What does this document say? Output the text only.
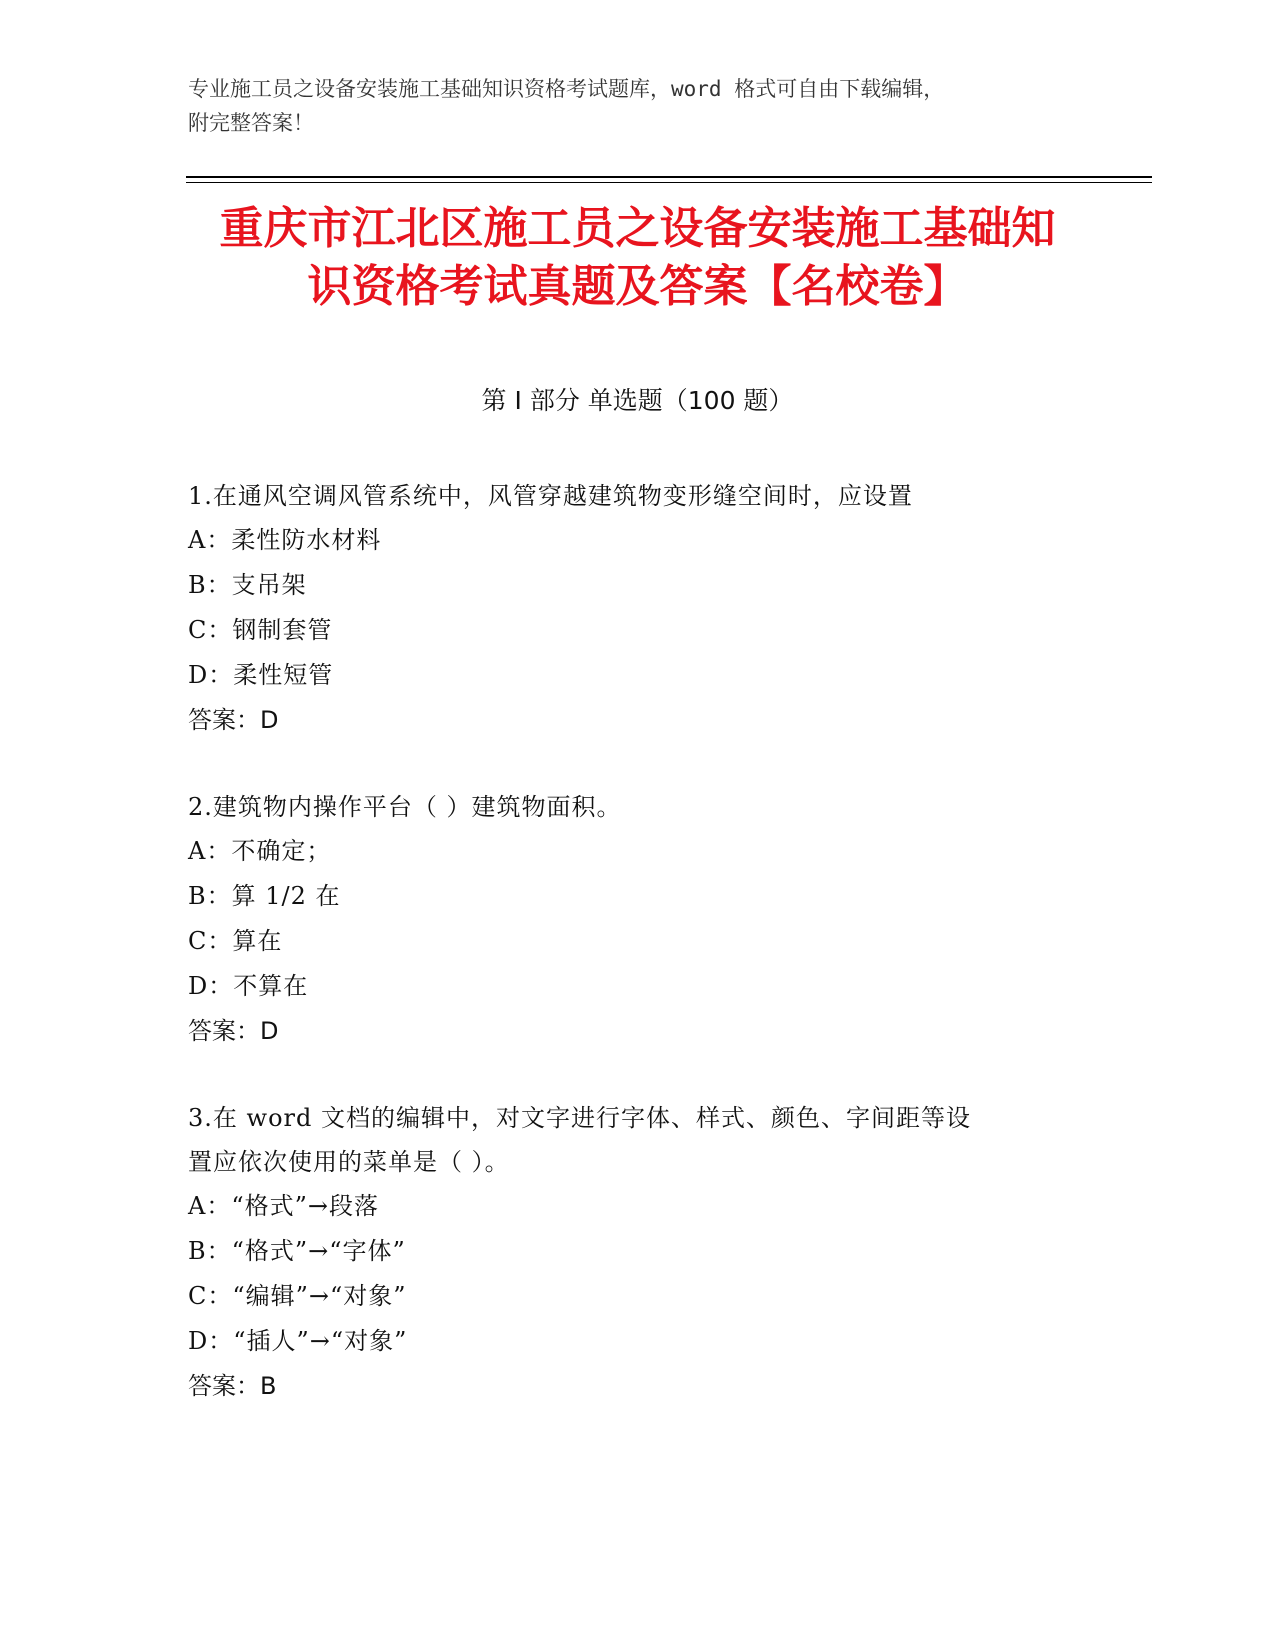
专业施工员之设备安装施工基础知识资格考试题库，word 格式可自由下载编辑，
附完整答案！
重庆市江北区施工员之设备安装施工基础知
识资格考试真题及答案【名校卷】
第 I 部分 单选题（100 题）
1.在通风空调风管系统中，风管穿越建筑物变形缝空间时，应设置
A：柔性防水材料
B：支吊架
C：钢制套管
D：柔性短管
答案：D
2.建筑物内操作平台（ ）建筑物面积。
A：不确定；
B：算 1/2 在
C：算在
D：不算在
答案：D
3.在 word 文档的编辑中，对文字进行字体、样式、颜色、字间距等设
置应依次使用的菜单是（ ）。
A：“格式”→段落
B：“格式”→“字体”
C：“编辑”→“对象”
D：“插人”→“对象”
答案：B
